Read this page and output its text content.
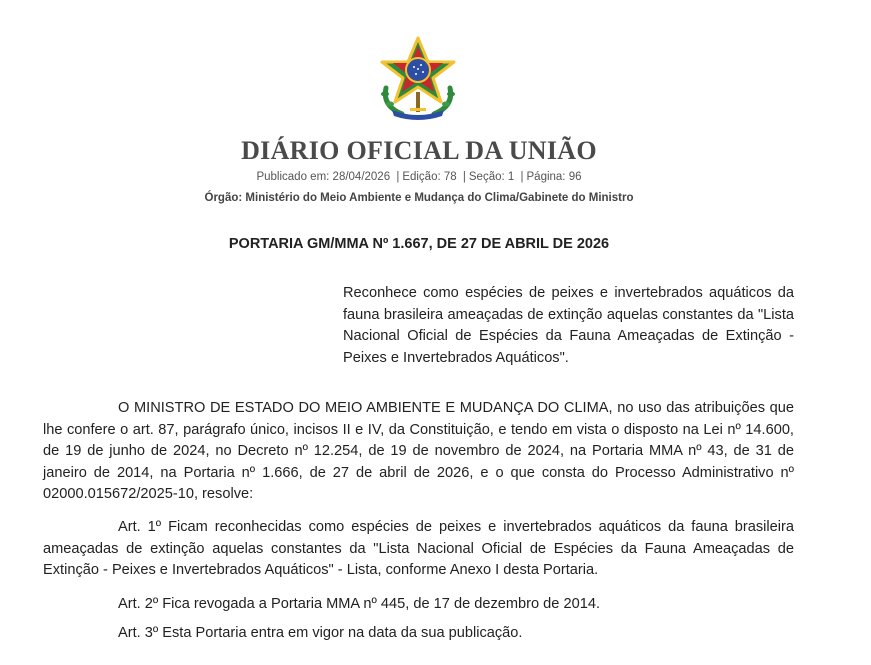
DIÁRIO OFICIAL DA UNIÃO
Publicado em: 28/04/2026 | Edição: 78 | Seção: 1 | Página: 96
Órgão: Ministério do Meio Ambiente e Mudança do Clima/Gabinete do Ministro
PORTARIA GM/MMA Nº 1.667, DE 27 DE ABRIL DE 2026
Reconhece como espécies de peixes e invertebrados aquáticos da fauna brasileira ameaçadas de extinção aquelas constantes da "Lista Nacional Oficial de Espécies da Fauna Ameaçadas de Extinção - Peixes e Invertebrados Aquáticos".

O MINISTRO DE ESTADO DO MEIO AMBIENTE E MUDANÇA DO CLIMA, no uso das atribuições que lhe confere o art. 87, parágrafo único, incisos II e IV, da Constituição, e tendo em vista o disposto na Lei nº 14.600, de 19 de junho de 2024, no Decreto nº 12.254, de 19 de novembro de 2024, na Portaria MMA nº 43, de 31 de janeiro de 2014, na Portaria nº 1.666, de 27 de abril de 2026, e o que consta do Processo Administrativo nº 02000.015672/2025-10, resolve:

Art. 1º Ficam reconhecidas como espécies de peixes e invertebrados aquáticos da fauna brasileira ameaçadas de extinção aquelas constantes da "Lista Nacional Oficial de Espécies da Fauna Ameaçadas de Extinção - Peixes e Invertebrados Aquáticos" - Lista, conforme Anexo I desta Portaria.

Art. 2º Fica revogada a Portaria MMA nº 445, de 17 de dezembro de 2014.

Art. 3º Esta Portaria entra em vigor na data da sua publicação.
